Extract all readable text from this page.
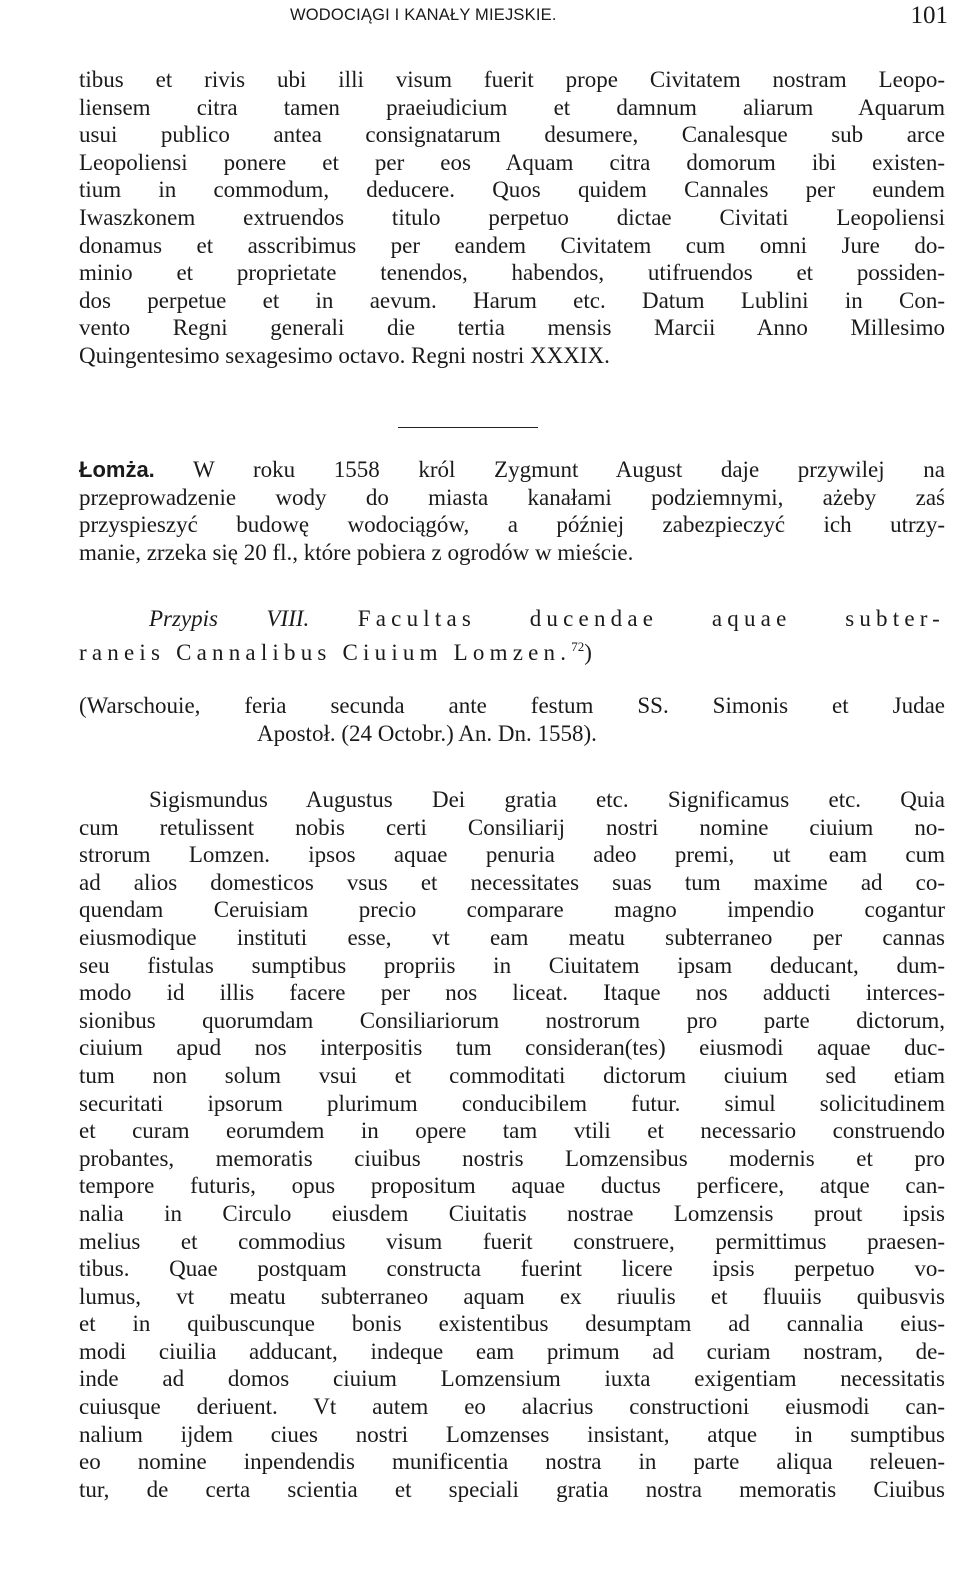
WODOCIĄGI I KANAŁY MIEJSKIE.	101
tibus et rivis ubi illi visum fuerit prope Civitatem nostram Leopo-
liensem citra tamen praeiudicium et damnum aliarum Aquarum
usui publico antea consignatarum desumere, Canalesque sub arce
Leopoliensi ponere et per eos Aquam citra domorum ibi existen-
tium in commodum, deducere. Quos quidem Cannales per eundem
Iwaszkonem extruendos titulo perpetuo dictae Civitati Leopoliensi
donamus et asscribimus per eandem Civitatem cum omni Jure do-
minio et proprietate tenendos, habendos, utifruendos et possiden-
dos perpetue et in aevum. Harum etc. Datum Lublini in Con-
vento Regni generali die tertia mensis Marcii Anno Millesimo
Quingentesimo sexagesimo octavo. Regni nostri XXXIX.
Łomża. W roku 1558 król Zygmunt August daje przywilej na
przeprowadzenie wody do miasta kanałami podziemnymi, ażeby zaś
przyspieszyć budowę wodociągów, a później zabezpieczyć ich utrzy-
manie, zrzeka się 20 fl., które pobiera z ogrodów w mieście.
Przypis VIII. Facultas ducendae aquae subter-
raneis Cannalibus Ciuium Lomzen.$^{72}$)
(Warschouie, feria secunda ante festum SS. Simonis et Judae
Apostoł. (24 Octobr.) An. Dn. 1558).
Sigismundus Augustus Dei gratia etc. Significamus etc. Quia
cum retulissent nobis certi Consiliarij nostri nomine ciuium no-
strorum Lomzen. ipsos aquae penuria adeo premi, ut eam cum
ad alios domesticos vsus et necessitates suas tum maxime ad co-
quendam Ceruisiam precio comparare magno impendio cogantur
eiusmodique instituti esse, vt eam meatu subterraneo per cannas
seu fistulas sumptibus propriis in Ciuitatem ipsam deducant, dum-
modo id illis facere per nos liceat. Itaque nos adducti interces-
sionibus quorumdam Consiliariorum nostrorum pro parte dictorum,
ciuium apud nos interpositis tum consideran(tes) eiusmodi aquae duc-
tum non solum vsui et commoditati dictorum ciuium sed etiam
securitati ipsorum plurimum conducibilem futur. simul solicitudinem
et curam eorumdem in opere tam vtili et necessario construendo
probantes, memoratis ciuibus nostris Lomzensibus modernis et pro
tempore futuris, opus propositum aquae ductus perficere, atque can-
nalia in Circulo eiusdem Ciuitatis nostrae Lomzensis prout ipsis
melius et commodius visum fuerit construere, permittimus praesen-
tibus. Quae postquam constructa fuerint licere ipsis perpetuo vo-
lumus, vt meatu subterraneo aquam ex riuulis et fluuiis quibusvis
et in quibuscunque bonis existentibus desumptam ad cannalia eius-
modi ciuilia adducant, indeque eam primum ad curiam nostram, de-
inde ad domos ciuium Lomzensium iuxta exigentiam necessitatis
cuiusque deriuent. Vt autem eo alacrius constructioni eiusmodi can-
nalium ijdem ciues nostri Lomzenses insistant, atque in sumptibus
eo nomine inpendendis munificentia nostra in parte aliqua releuen-
tur, de certa scientia et speciali gratia nostra memoratis Ciuibus
